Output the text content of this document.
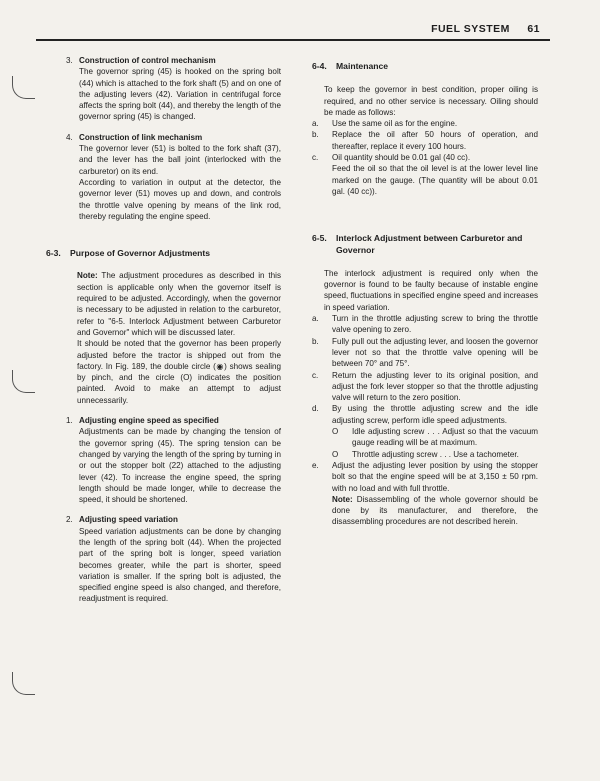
FUEL SYSTEM 61
3. Construction of control mechanism

The governor spring (45) is hooked on the spring bolt (44) which is attached to the fork shaft (5) and on one of the adjusting levers (42). Variation in centrifugal force affects the spring bolt (44), and thereby the length of the governor spring (45) is changed.

4. Construction of link mechanism

The governor lever (51) is bolted to the fork shaft (37), and the lever has the ball joint (interlocked with the carburetor) on its end.

According to variation in output at the detector, the governor lever (51) moves up and down, and controls the throttle valve opening by means of the link rod, thereby regulating the engine speed.

6-3. Purpose of Governor Adjustments

Note: The adjustment procedures as described in this section is applicable only when the governor itself is required to be adjusted. Accordingly, when the governor is necessary to be adjusted in relation to the carburetor, refer to "6-5. Interlock Adjustment between Carburetor and Governor" which will be discussed later.

It should be noted that the governor has been properly adjusted before the tractor is shipped out from the factory. In Fig. 189, the double circle (◉) shows sealing by pinch, and the circle (O) indicates the position painted. Avoid to make an attempt to adjust unnecessarily.

1. Adjusting engine speed as specified

Adjustments can be made by changing the tension of the governor spring (45). The spring tension can be changed by varying the length of the spring by turning in or out the stopper bolt (22) attached to the adjusting lever (42). To increase the engine speed, the spring length should be made longer, while to decrease the speed, it should be shortened.

2. Adjusting speed variation

Speed variation adjustments can be done by changing the length of the spring bolt (44). When the projected part of the spring bolt is longer, speed variation becomes greater, while the part is shorter, speed variation is smaller. If the spring bolt is adjusted, the specified engine speed is also changed, and therefore, readjustment is required.

6-4. Maintenance

To keep the governor in best condition, proper oiling is required, and no other service is necessary. Oiling should be made as follows:

a. Use the same oil as for the engine.

b. Replace the oil after 50 hours of operation, and thereafter, replace it every 100 hours.

c. Oil quantity should be 0.01 gal (40 cc).

Feed the oil so that the oil level is at the lower level line marked on the gauge. (The quantity will be about 0.01 gal. (40 cc)).

6-5. Interlock Adjustment between Carburetor and Governor

The interlock adjustment is required only when the governor is found to be faulty because of instable engine speed, fluctuations in specified engine speed and increases in speed variation.

a. Turn in the throttle adjusting screw to bring the throttle valve opening to zero.

b. Fully pull out the adjusting lever, and loosen the governor lever not so that the throttle valve opening will be between 70° and 75°.

c. Return the adjusting lever to its original position, and adjust the fork lever stopper so that the throttle adjusting valve will return to the zero position.

d. By using the throttle adjusting screw and the idle adjusting screw, perform idle speed adjustments.

O Idle adjusting screw . . . Adjust so that the vacuum gauge reading will be at maximum.

O Throttle adjusting screw . . . Use a tachometer.

e. Adjust the adjusting lever position by using the stopper bolt so that the engine speed will be at 3,150 ± 50 rpm. with no load and with full throttle.

Note: Disassembling of the whole governor should be done by its manufacturer, and therefore, the disassembling procedures are not described herein.
